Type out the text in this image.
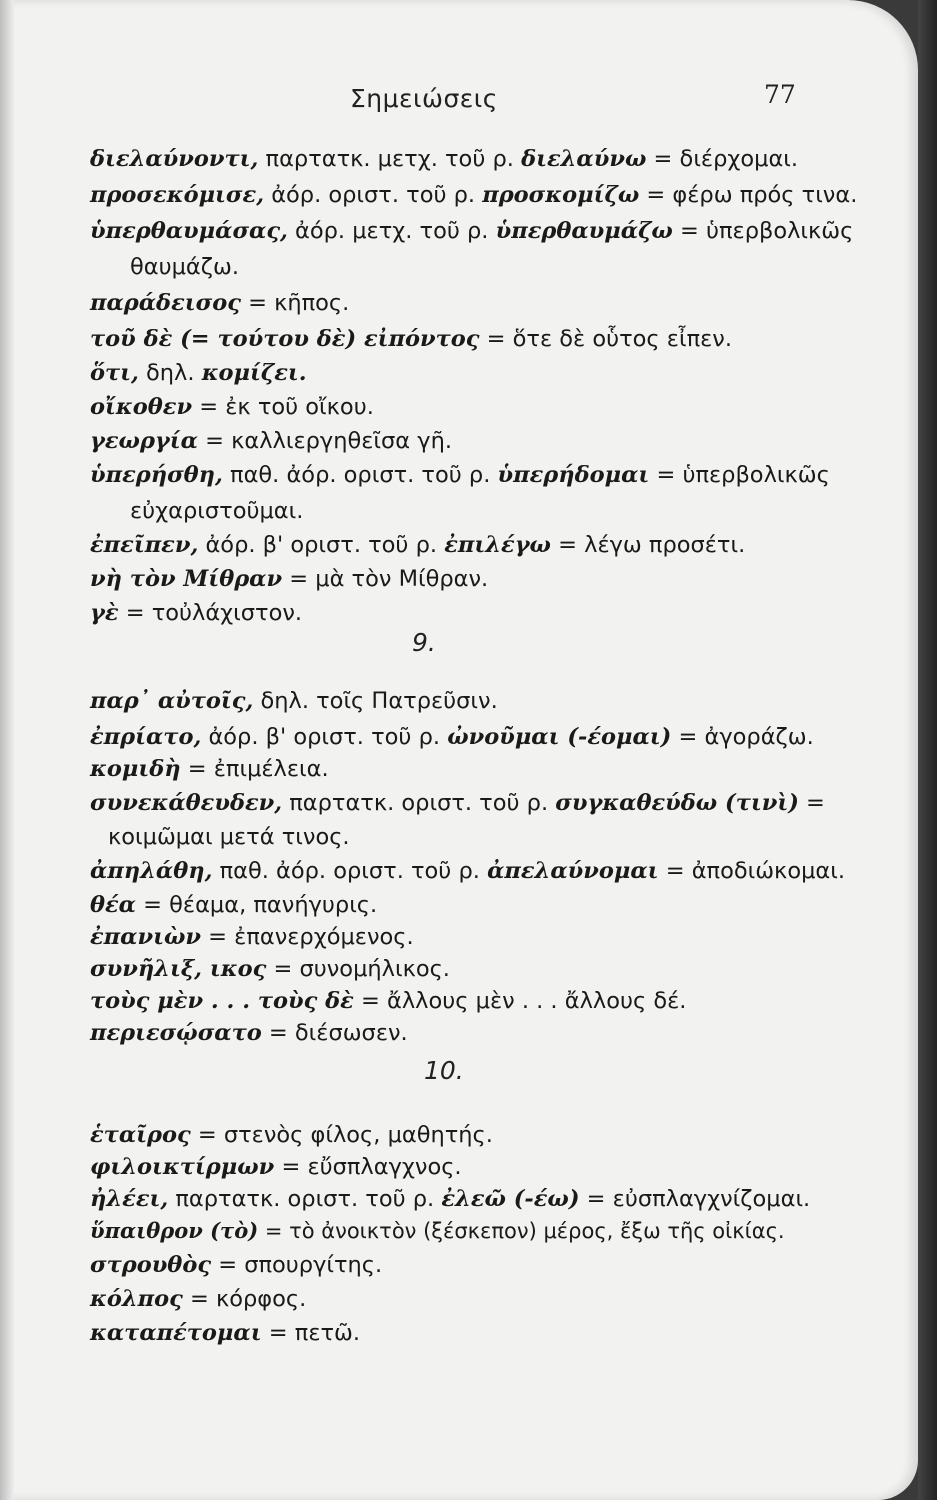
Σημειώσεις	77
διελαύνοντι, παρτατκ. μετχ. τοῦ ρ. διελαύνω = διέρχομαι.
προσεκόμισε, ἀόρ. οριστ. τοῦ ρ. προσκομίζω = φέρω πρός τινα.
ὑπερθαυμάσας, ἀόρ. μετχ. τοῦ ρ. ὑπερθαυμάζω = ὑπερβολικῶς
θαυμάζω.
παράδεισος = κῆπος.
τοῦ δὲ (= τούτου δὲ) εἰπόντος = ὅτε δὲ οὗτος εἶπεν.
ὅτι, δηλ. κομίζει.
οἴκοθεν = ἐκ τοῦ οἴκου.
γεωργία = καλλιεργηθεῖσα γῆ.
ὑπερήσθη, παθ. ἀόρ. οριστ. τοῦ ρ. ὑπερήδομαι = ὑπερβολικῶς
εὐχαριστοῦμαι.
ἐπεῖπεν, ἀόρ. β' οριστ. τοῦ ρ. ἐπιλέγω = λέγω προσέτι.
νὴ τὸν Μίθραν = μὰ τὸν Μίθραν.
γὲ = τοὐλάχιστον.
9.
παρ᾽ αὐτοῖς, δηλ. τοῖς Πατρεῦσιν.
ἐπρίατο, ἀόρ. β' οριστ. τοῦ ρ. ὠνοῦμαι (-έομαι) = ἀγοράζω.
κομιδὴ = ἐπιμέλεια.
συνεκάθευδεν, παρτατκ. οριστ. τοῦ ρ. συγκαθεύδω (τινὶ) =
κοιμῶμαι μετά τινος.
ἀπηλάθη, παθ. ἀόρ. οριστ. τοῦ ρ. ἀπελαύνομαι = ἀποδιώκομαι.
θέα = θέαμα, πανήγυρις.
ἐπανιὼν = ἐπανερχόμενος.
συνῆλιξ, ικος = συνομήλικος.
τοὺς μὲν . . . τοὺς δὲ = ἄλλους μὲν . . . ἄλλους δέ.
περιεσῴσατο = διέσωσεν.
10.
ἑταῖρος = στενὸς φίλος, μαθητής.
φιλοικτίρμων = εὔσπλαγχνος.
ἠλέει, παρτατκ. οριστ. τοῦ ρ. ἐλεῶ (-έω) = εὐσπλαγχνίζομαι.
ὕπαιθρον (τὸ) = τὸ ἀνοικτὸν (ξέσκεπον) μέρος, ἔξω τῆς οἰκίας.
στρουθὸς = σπουργίτης.
κόλπος = κόρφος.
καταπέτομαι = πετῶ.
